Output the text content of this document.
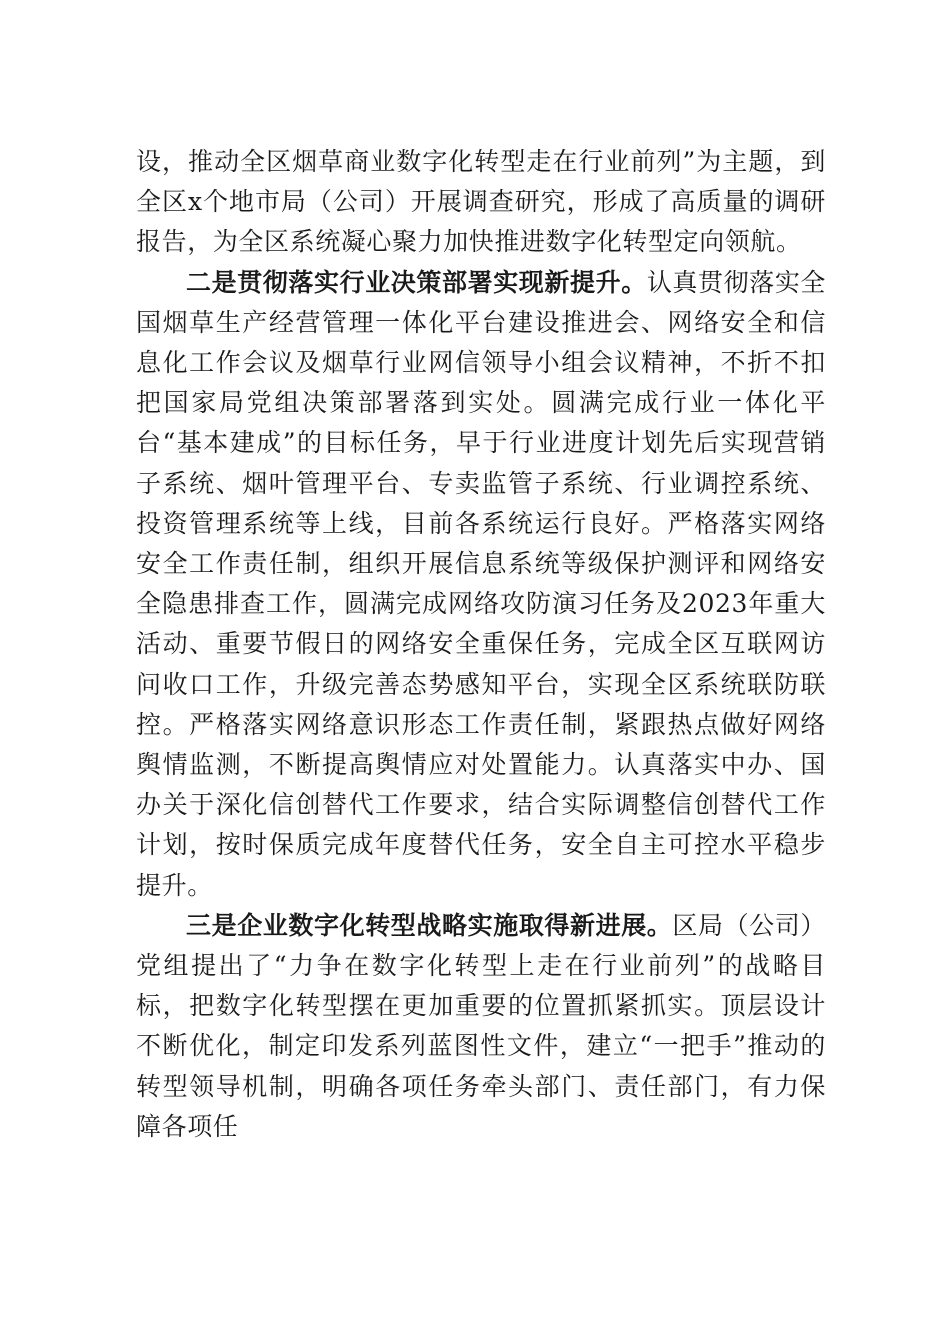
设，推动全区烟草商业数字化转型走在行业前列”为主题，到全区x个地市局（公司）开展调查研究，形成了高质量的调研报告，为全区系统凝心聚力加快推进数字化转型定向领航。

二是贯彻落实行业决策部署实现新提升。认真贯彻落实全国烟草生产经营管理一体化平台建设推进会、网络安全和信息化工作会议及烟草行业网信领导小组会议精神，不折不扣把国家局党组决策部署落到实处。圆满完成行业一体化平台“基本建成”的目标任务，早于行业进度计划先后实现营销子系统、烟叶管理平台、专卖监管子系统、行业调控系统、投资管理系统等上线，目前各系统运行良好。严格落实网络安全工作责任制，组织开展信息系统等级保护测评和网络安全隐患排查工作，圆满完成网络攻防演习任务及2023年重大活动、重要节假日的网络安全重保任务，完成全区互联网访问收口工作，升级完善态势感知平台，实现全区系统联防联控。严格落实网络意识形态工作责任制，紧跟热点做好网络舆情监测，不断提高舆情应对处置能力。认真落实中办、国办关于深化信创替代工作要求，结合实际调整信创替代工作计划，按时保质完成年度替代任务，安全自主可控水平稳步提升。

三是企业数字化转型战略实施取得新进展。区局（公司）党组提出了“力争在数字化转型上走在行业前列”的战略目标，把数字化转型摆在更加重要的位置抓紧抓实。顶层设计不断优化，制定印发系列蓝图性文件，建立“一把手”推动的转型领导机制，明确各项任务牵头部门、责任部门，有力保障各项任
